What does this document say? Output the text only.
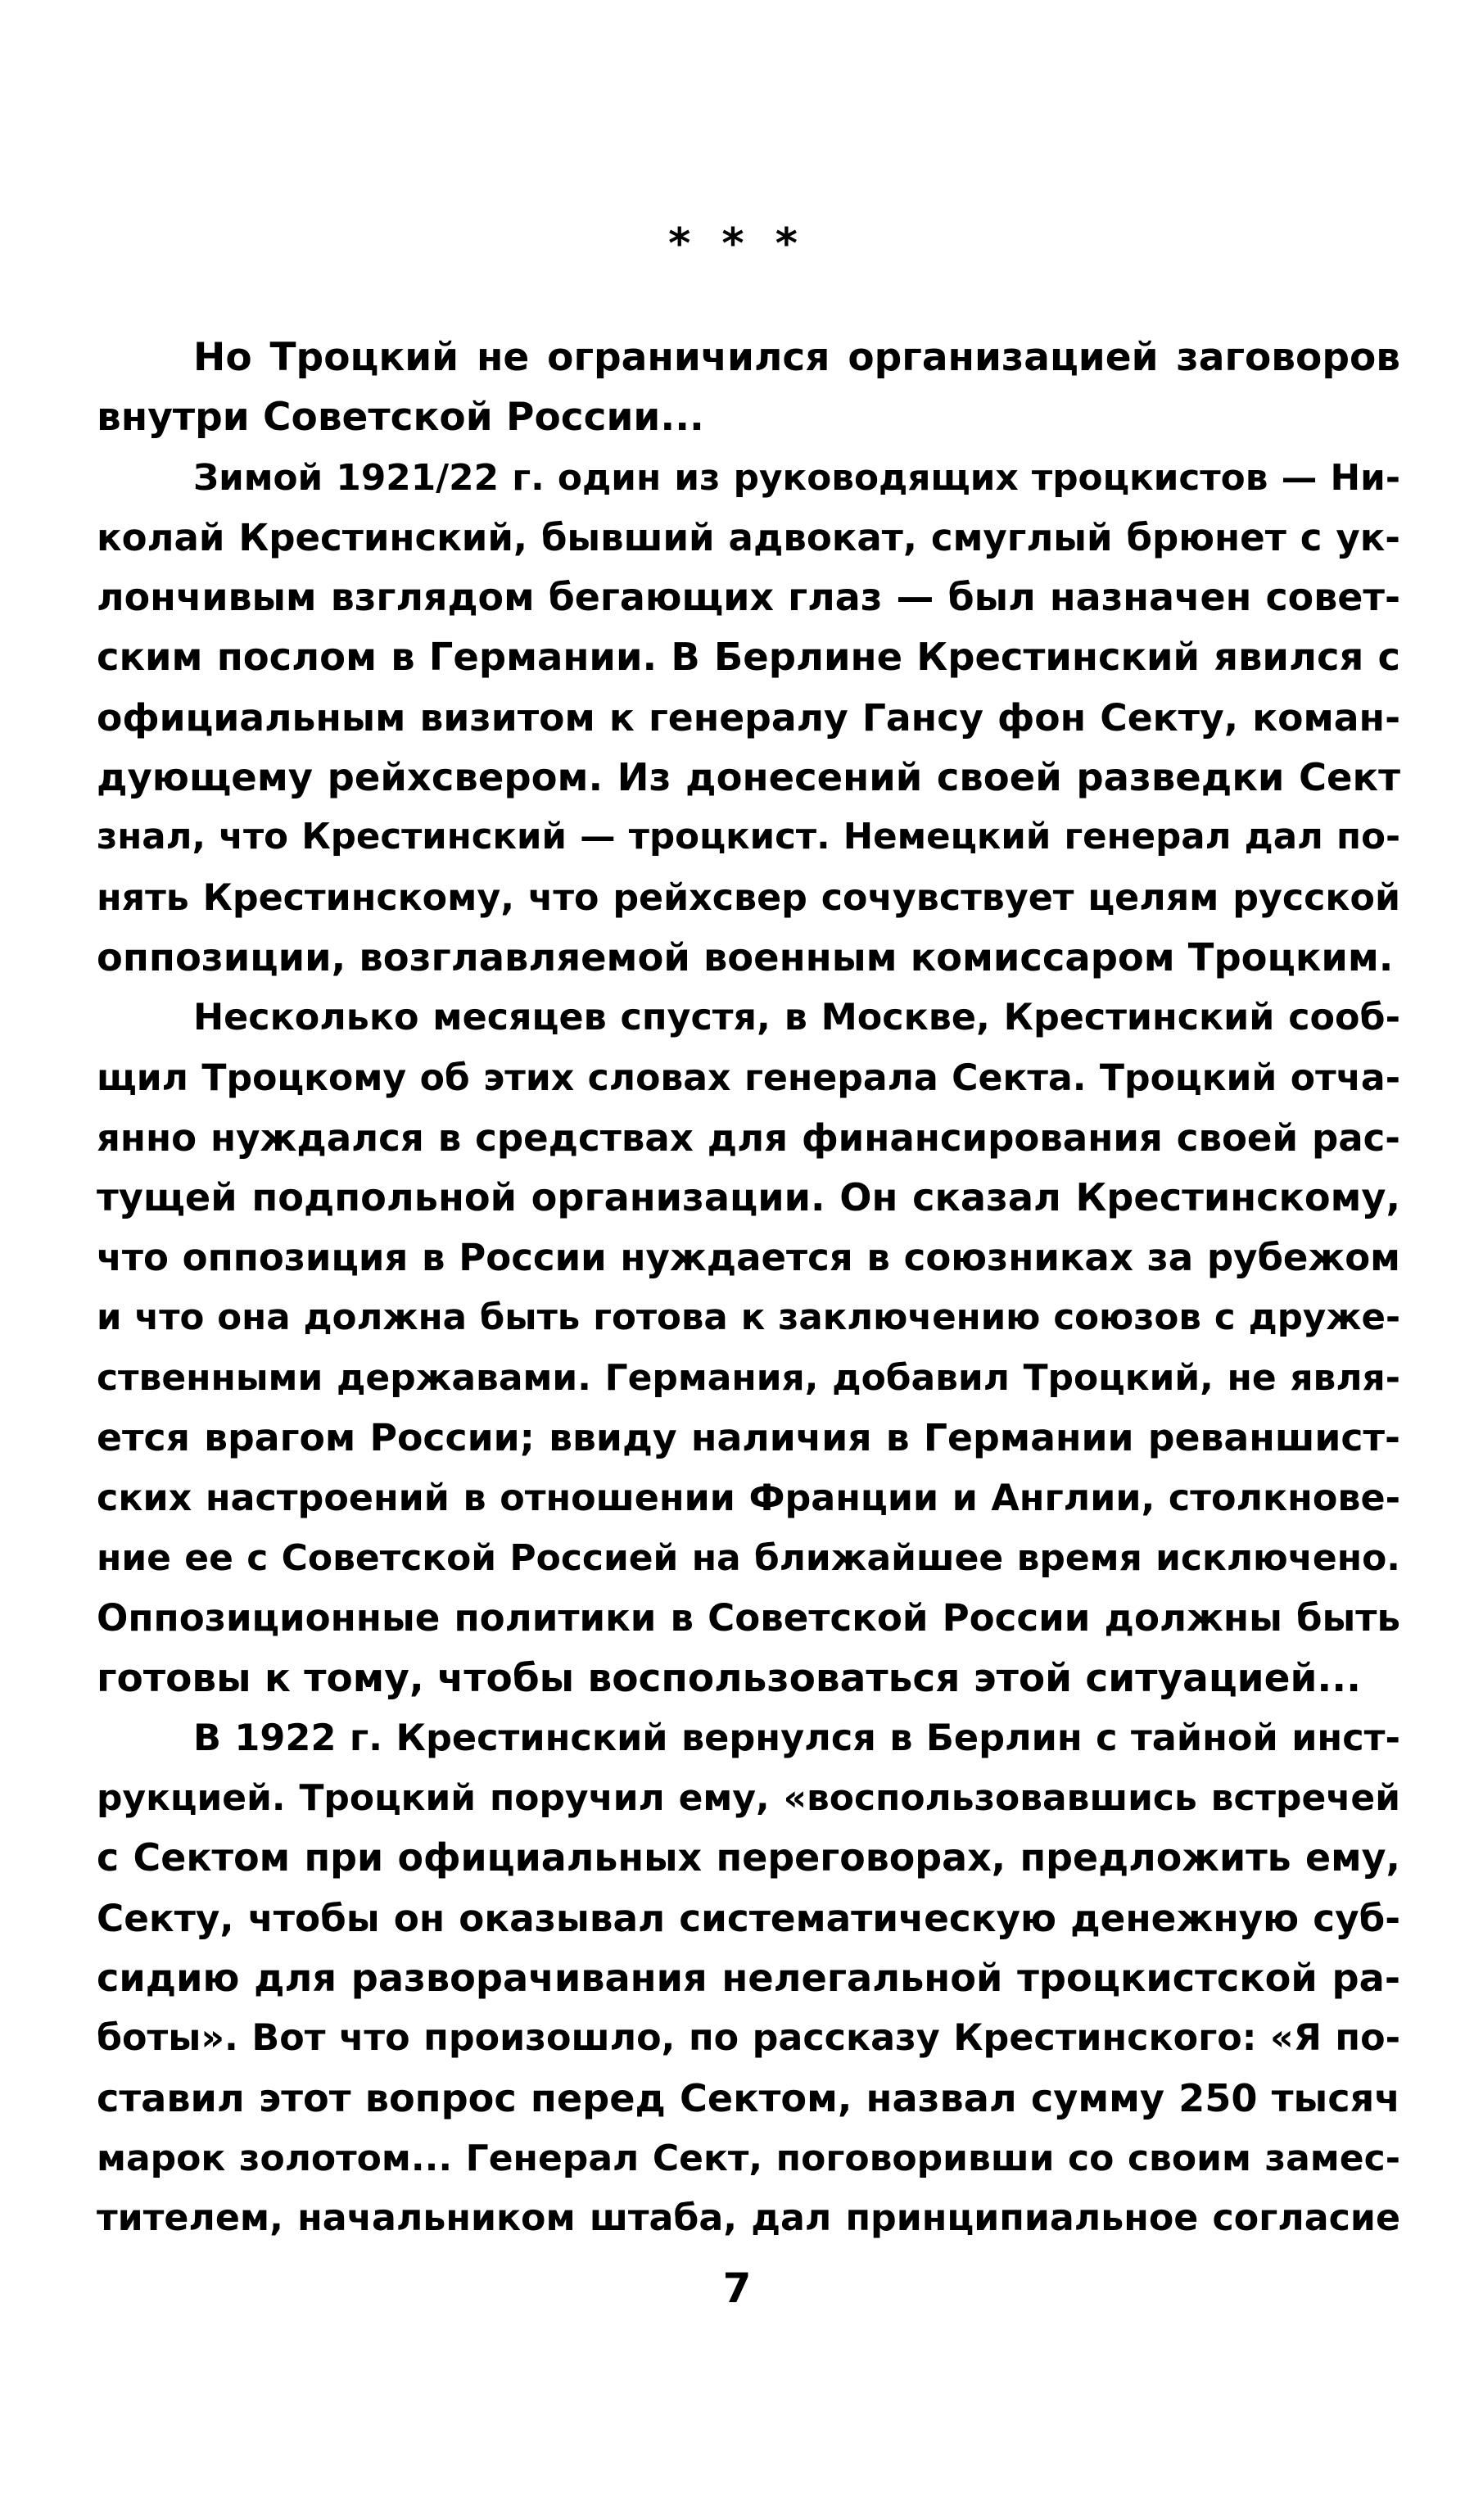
* * *
Но Троцкий не ограничился организацией заговоров
внутри Советской России...
Зимой 1921/22 г. один из руководящих троцкистов — Ни-
колай Крестинский, бывший адвокат, смуглый брюнет с ук-
лончивым взглядом бегающих глаз — был назначен совет-
ским послом в Германии. В Берлине Крестинский явился с
официальным визитом к генералу Гансу фон Секту, коман-
дующему рейхсвером. Из донесений своей разведки Сект
знал, что Крестинский — троцкист. Немецкий генерал дал по-
нять Крестинскому, что рейхсвер сочувствует целям русской
оппозиции, возглавляемой военным комиссаром Троцким.
Несколько месяцев спустя, в Москве, Крестинский сооб-
щил Троцкому об этих словах генерала Секта. Троцкий отча-
янно нуждался в средствах для финансирования своей рас-
тущей подпольной организации. Он сказал Крестинскому,
что оппозиция в России нуждается в союзниках за рубежом
и что она должна быть готова к заключению союзов с друже-
ственными державами. Германия, добавил Троцкий, не явля-
ется врагом России; ввиду наличия в Германии реваншист-
ских настроений в отношении Франции и Англии, столкнове-
ние ее с Советской Россией на ближайшее время исключено.
Оппозиционные политики в Советской России должны быть
готовы к тому, чтобы воспользоваться этой ситуацией...
В 1922 г. Крестинский вернулся в Берлин с тайной инст-
рукцией. Троцкий поручил ему, «воспользовавшись встречей
с Сектом при официальных переговорах, предложить ему,
Секту, чтобы он оказывал систематическую денежную суб-
сидию для разворачивания нелегальной троцкистской ра-
боты». Вот что произошло, по рассказу Крестинского: «Я по-
ставил этот вопрос перед Сектом, назвал сумму 250 тысяч
марок золотом... Генерал Сект, поговоривши со своим замес-
тителем, начальником штаба, дал принципиальное согласие
7
